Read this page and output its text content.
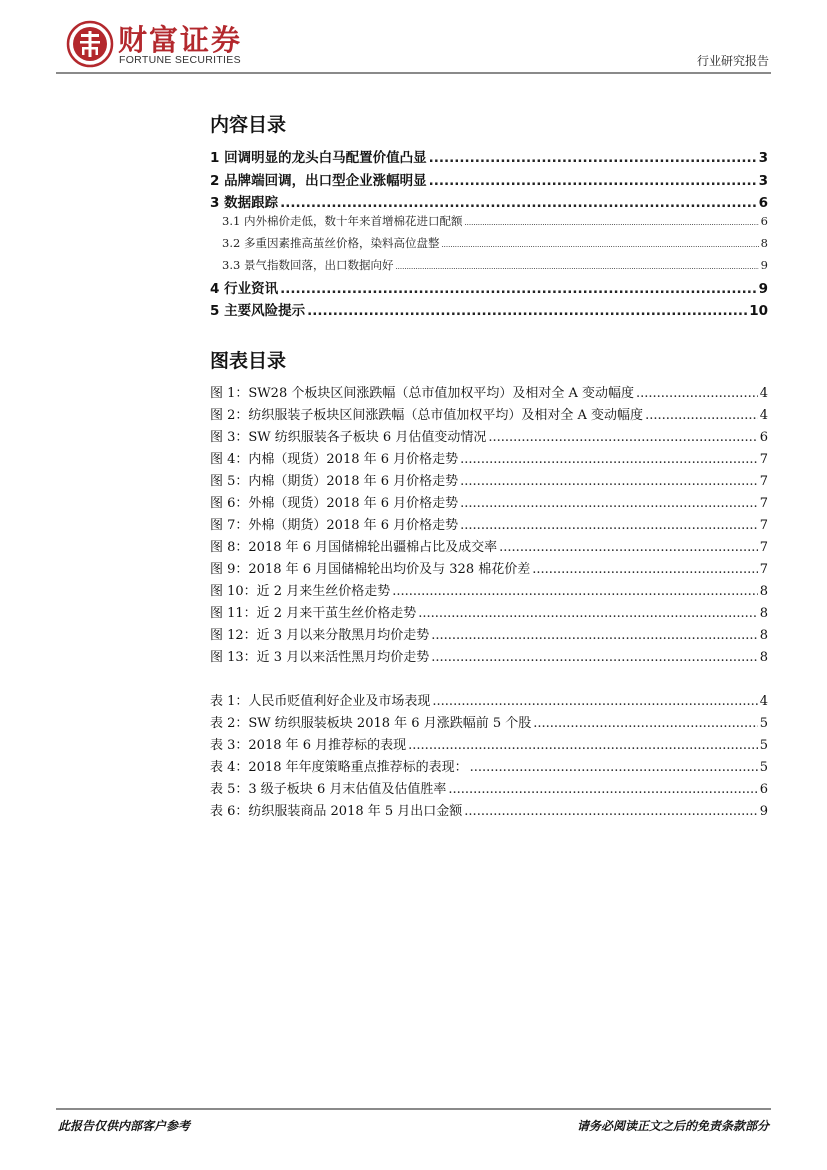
财富证券
FORTUNE SECURITIES	行业研究报告
内容目录
1 回调明显的龙头白马配置价值凸显 .....	3
2 品牌端回调，出口型企业涨幅明显 .....	3
3 数据跟踪 .....	6
3.1 内外棉价走低，数十年来首增棉花进口配额 .....	6
3.2 多重因素推高茧丝价格，染料高位盘整 .....	8
3.3 景气指数回落，出口数据向好 .....	9
4 行业资讯 .....	9
5 主要风险提示 .....	10
图表目录
图 1：SW28 个板块区间涨跌幅（总市值加权平均）及相对全 A 变动幅度 .....	4
图 2：纺织服装子板块区间涨跌幅（总市值加权平均）及相对全 A 变动幅度 .....	4
图 3：SW 纺织服装各子板块 6 月估值变动情况 .....	6
图 4：内棉（现货）2018 年 6 月价格走势 .....	7
图 5：内棉（期货）2018 年 6 月价格走势 .....	7
图 6：外棉（现货）2018 年 6 月价格走势 .....	7
图 7：外棉（期货）2018 年 6 月价格走势 .....	7
图 8：2018 年 6 月国储棉轮出疆棉占比及成交率 .....	7
图 9：2018 年 6 月国储棉轮出均价及与 328 棉花价差 .....	7
图 10：近 2 月来生丝价格走势 .....	8
图 11：近 2 月来干茧生丝价格走势 .....	8
图 12：近 3 月以来分散黑月均价走势 .....	8
图 13：近 3 月以来活性黑月均价走势 .....	8
表 1：人民币贬值利好企业及市场表现 .....	4
表 2：SW 纺织服装板块 2018 年 6 月涨跌幅前 5 个股 .....	5
表 3：2018 年 6 月推荐标的表现 .....	5
表 4：2018 年年度策略重点推荐标的表现： .....	5
表 5：3 级子板块 6 月末估值及估值胜率 .....	6
表 6：纺织服装商品 2018 年 5 月出口金额 .....	9
此报告仅供内部客户参考	请务必阅读正文之后的免责条款部分
